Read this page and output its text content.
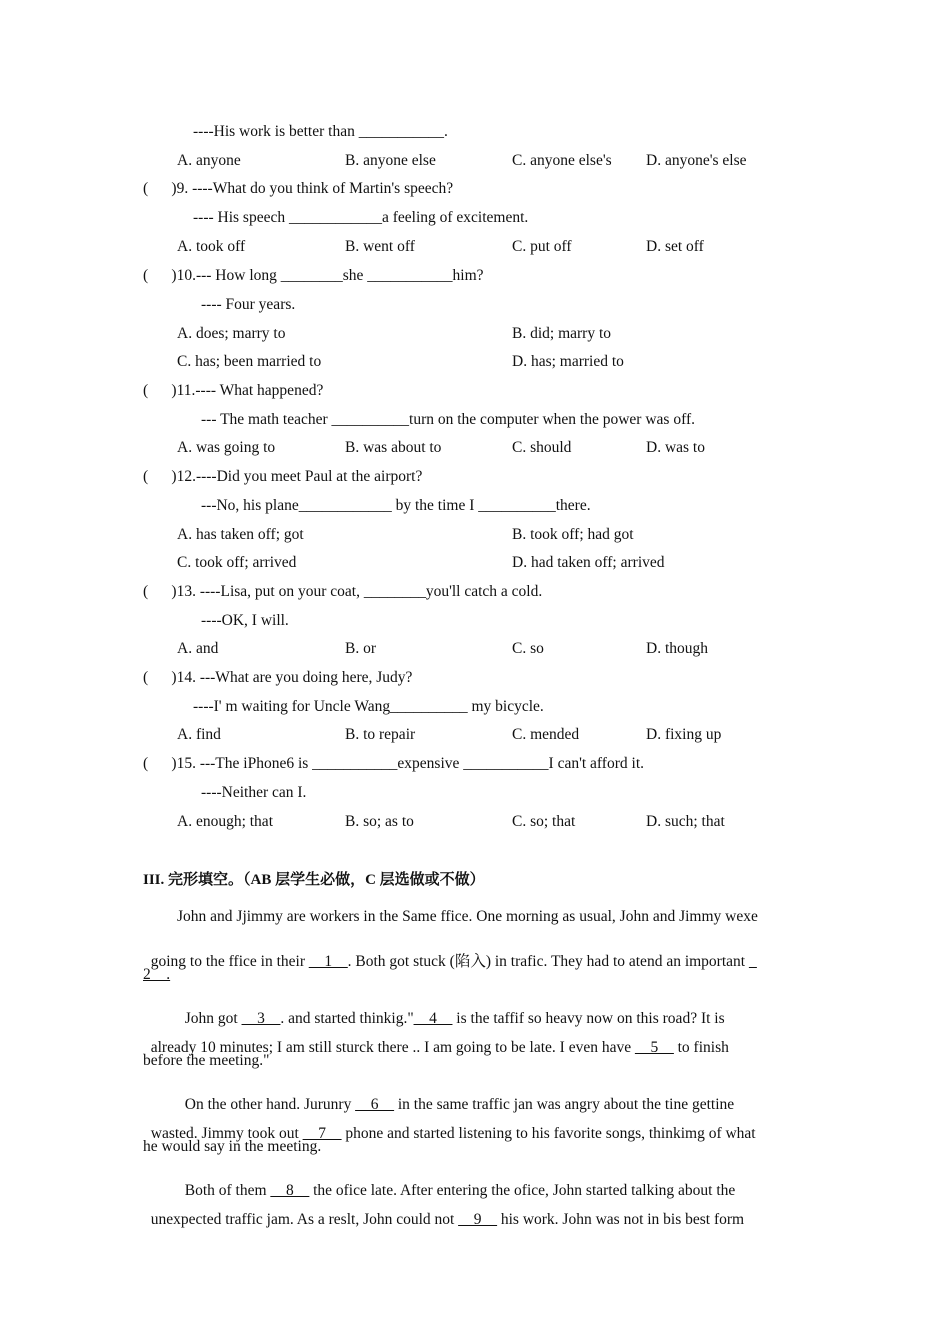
----His work is better than ___________.
A. anyone	B. anyone else	C. anyone else's D. anyone's else
(      )9. ----What do you think of Martin's speech?
---- His speech ____________a feeling of excitement.
A. took off	B. went off	C. put off	D. set off
(      )10.--- How long ________she ___________him?
---- Four years.
A. does; marry to	B. did; marry to
C. has; been married to	D. has; married to
(      )11.---- What happened?
--- The math teacher __________turn on the computer when the power was off.
A. was going to	B. was about to	C. should	D. was to
(      )12.----Did you meet Paul at the airport?
---No, his plane____________ by the time I __________there.
A. has taken off; got	B. took off; had got
C. took off; arrived	D. had taken off; arrived
(      )13. ----Lisa, put on your coat, ________you'll catch a cold.
----OK, I will.
A. and	B. or	C. so	D. though
(      )14. ---What are you doing here, Judy?
----I' m waiting for Uncle Wang__________ my bicycle.
A. find	B. to repair	C. mended	D. fixing up
(      )15. ---The iPhone6 is ___________expensive ___________I can't afford it.
----Neither can I.
A. enough; that	B. so; as to	C. so; that	D. such; that
III. 完形填空。（AB 层学生必做，C 层选做或不做）
John and Jjimmy are workers in the Same ffice. One morning as usual, John and Jimmy wexe

going to the ffice in their __1__. Both got stuck (陷入) in trafic. They had to atend an important _

2__.

John got __3__. and started thinkig."__4__ is the taffif so heavy now on this road? It is

already 10 minutes; I am still sturck there .. I am going to be late. I even have __5__ to finish

before the meeting."

On the other hand. Jurunry __6__ in the same traffic jan was angry about the tine gettine

wasted. Jimmy took out __7__ phone and started listening to his favorite songs, thinkimg of what

he would say in the meeting.

Both of them __8__ the ofice late. After entering the ofice, John started talking about the

unexpected traffic jam. As a reslt, John could not __9__ his work. John was not in bis best form
